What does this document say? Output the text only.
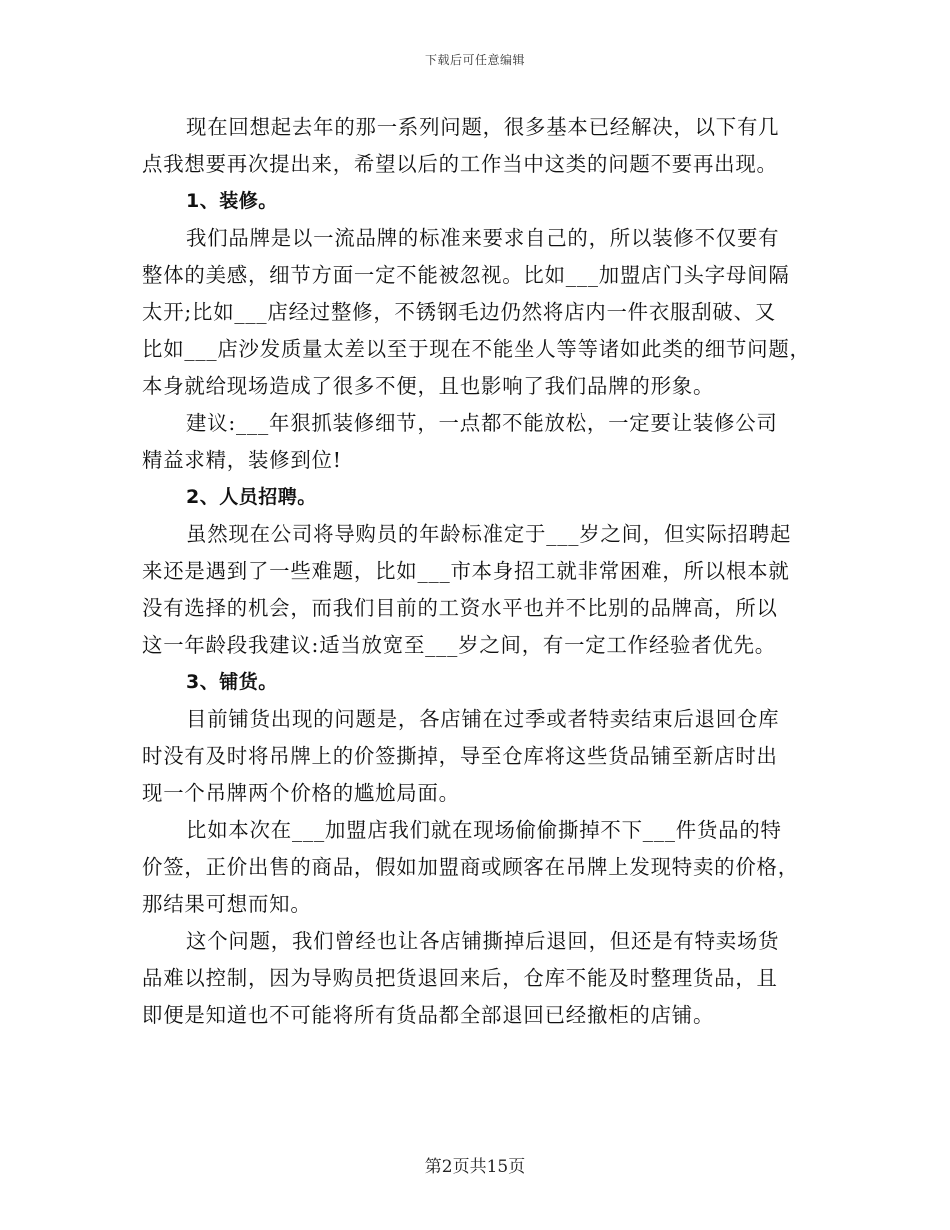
下载后可任意编辑
现在回想起去年的那一系列问题，很多基本已经解决，以下有几
点我想要再次提出来，希望以后的工作当中这类的问题不要再出现。
1、装修。
我们品牌是以一流品牌的标准来要求自己的，所以装修不仅要有
整体的美感，细节方面一定不能被忽视。比如___加盟店门头字母间隔
太开;比如___店经过整修，不锈钢毛边仍然将店内一件衣服刮破、又
比如___店沙发质量太差以至于现在不能坐人等等诸如此类的细节问题，
本身就给现场造成了很多不便，且也影响了我们品牌的形象。
建议:___年狠抓装修细节，一点都不能放松，一定要让装修公司
精益求精，装修到位!
2、人员招聘。
虽然现在公司将导购员的年龄标准定于___岁之间，但实际招聘起
来还是遇到了一些难题，比如___市本身招工就非常困难，所以根本就
没有选择的机会，而我们目前的工资水平也并不比别的品牌高，所以
这一年龄段我建议:适当放宽至___岁之间，有一定工作经验者优先。
3、铺货。
目前铺货出现的问题是，各店铺在过季或者特卖结束后退回仓库
时没有及时将吊牌上的价签撕掉，导至仓库将这些货品铺至新店时出
现一个吊牌两个价格的尴尬局面。
比如本次在___加盟店我们就在现场偷偷撕掉不下___件货品的特
价签，正价出售的商品，假如加盟商或顾客在吊牌上发现特卖的价格，
那结果可想而知。
这个问题，我们曾经也让各店铺撕掉后退回，但还是有特卖场货
品难以控制，因为导购员把货退回来后，仓库不能及时整理货品，且
即便是知道也不可能将所有货品都全部退回已经撤柜的店铺。
第2页共15页
